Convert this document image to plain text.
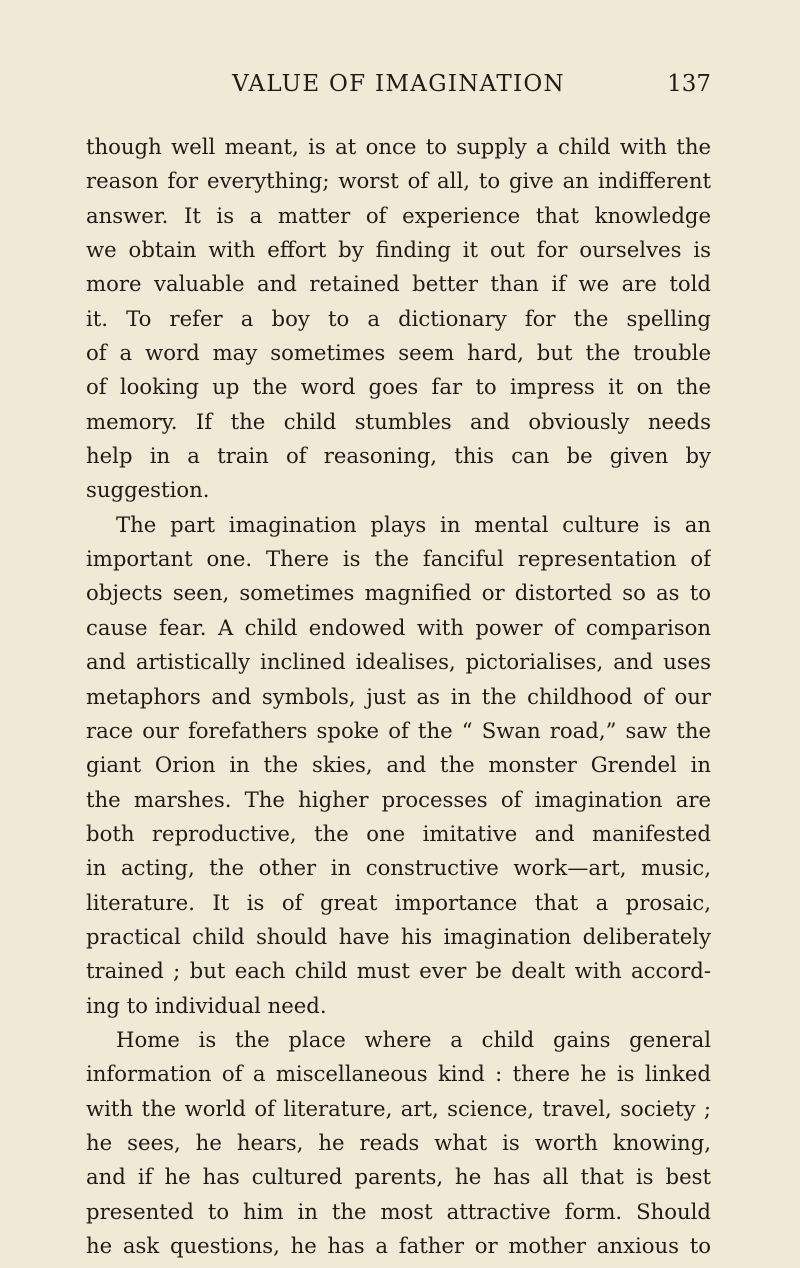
VALUE OF IMAGINATION	137
though well meant, is at once to supply a child with the
reason for everything; worst of all, to give an indifferent
answer. It is a matter of experience that knowledge
we obtain with effort by finding it out for ourselves is
more valuable and retained better than if we are told
it. To refer a boy to a dictionary for the spelling
of a word may sometimes seem hard, but the trouble
of looking up the word goes far to impress it on the
memory. If the child stumbles and obviously needs
help in a train of reasoning, this can be given by
suggestion.
The part imagination plays in mental culture is an
important one. There is the fanciful representation of
objects seen, sometimes magnified or distorted so as to
cause fear. A child endowed with power of comparison
and artistically inclined idealises, pictorialises, and uses
metaphors and symbols, just as in the childhood of our
race our forefathers spoke of the “ Swan road,” saw the
giant Orion in the skies, and the monster Grendel in
the marshes. The higher processes of imagination are
both reproductive, the one imitative and manifested
in acting, the other in constructive work—art, music,
literature. It is of great importance that a prosaic,
practical child should have his imagination deliberately
trained ; but each child must ever be dealt with accord-
ing to individual need.
Home is the place where a child gains general
information of a miscellaneous kind : there he is linked
with the world of literature, art, science, travel, society ;
he sees, he hears, he reads what is worth knowing,
and if he has cultured parents, he has all that is best
presented to him in the most attractive form. Should
he ask questions, he has a father or mother anxious to
